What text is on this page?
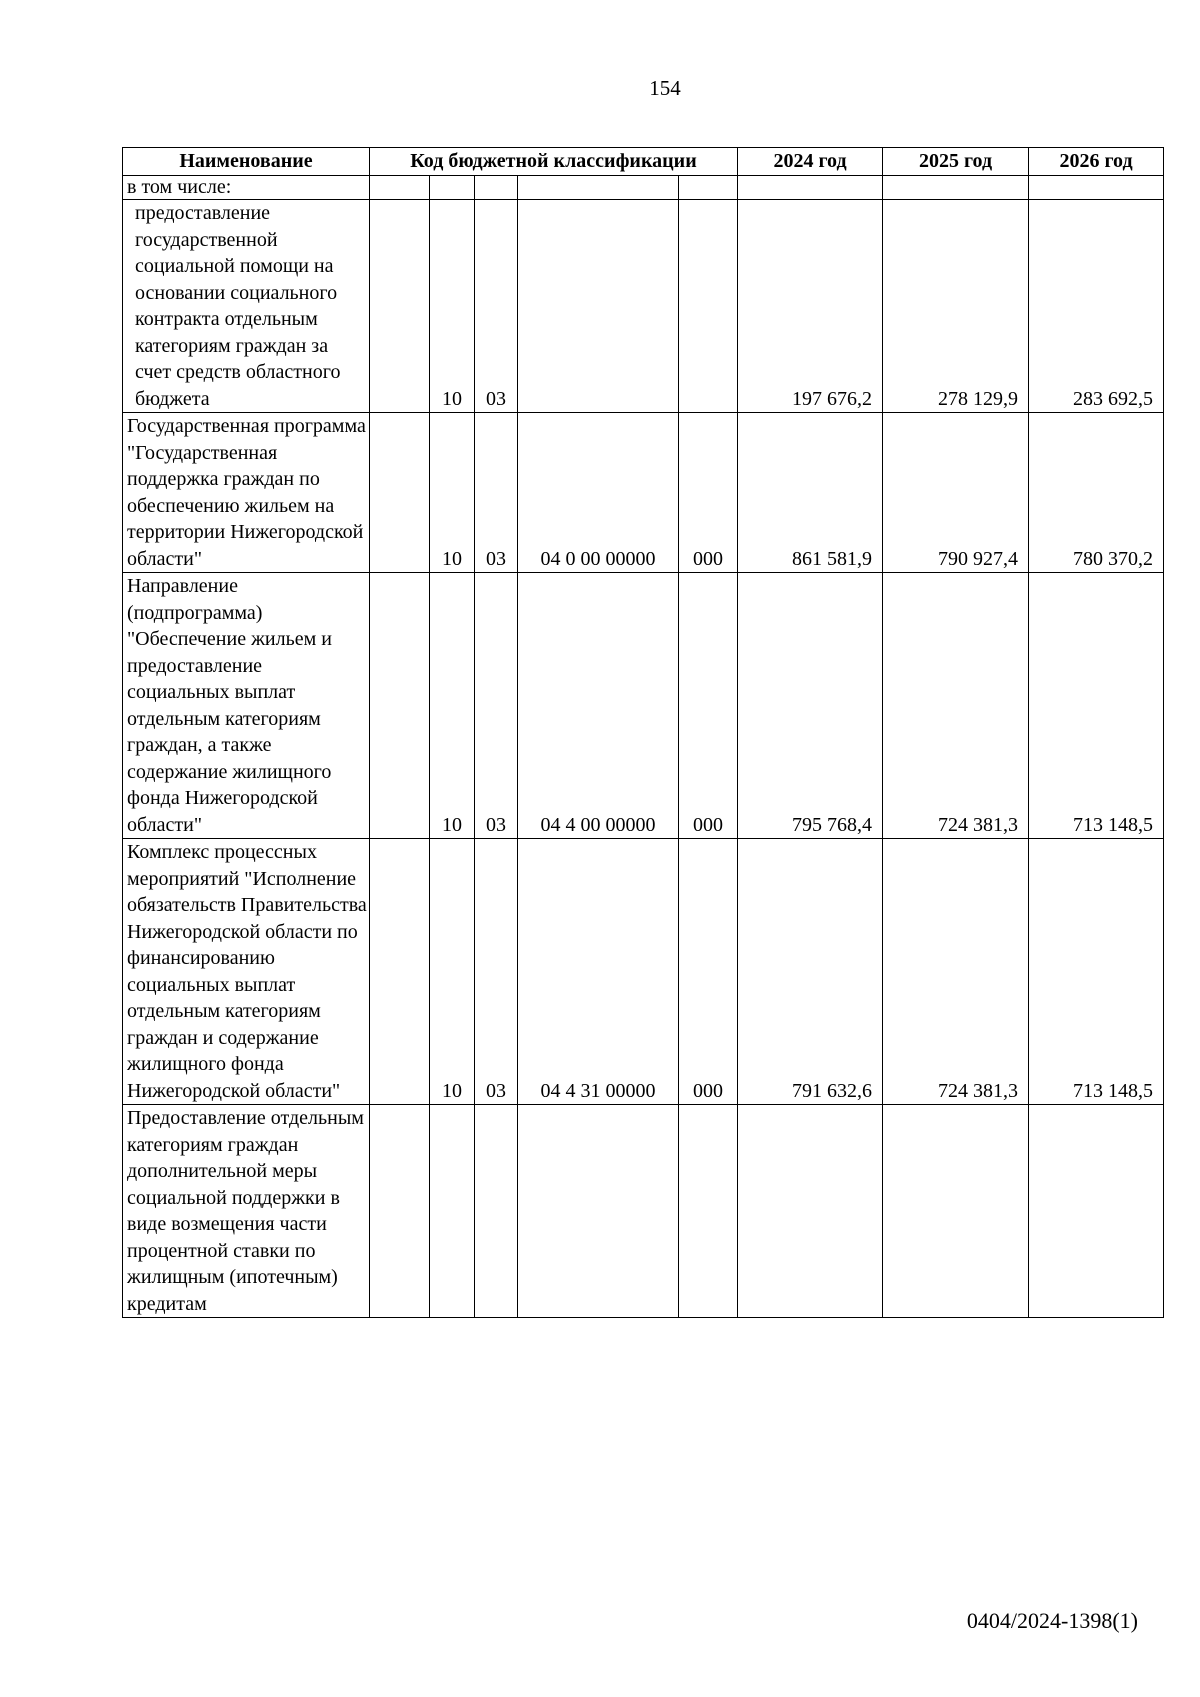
154
Наименование	Код бюджетной классификации					2024 год	2025 год	2026 год
в том числе:								
предоставление государственной социальной помощи на основании социального контракта отдельным категориям граждан за счет средств областного бюджета		10	03			197 676,2	278 129,9	283 692,5
Государственная программа "Государственная поддержка граждан по обеспечению жильем на территории Нижегородской области"		10	03	04 0 00 00000	000	861 581,9	790 927,4	780 370,2
Направление (подпрограмма) "Обеспечение жильем и предоставление социальных выплат отдельным категориям граждан, а также содержание жилищного фонда Нижегородской области"		10	03	04 4 00 00000	000	795 768,4	724 381,3	713 148,5
Комплекс процессных мероприятий "Исполнение обязательств Правительства Нижегородской области по финансированию социальных выплат отдельным категориям граждан и содержание жилищного фонда Нижегородской области"		10	03	04 4 31 00000	000	791 632,6	724 381,3	713 148,5
Предоставление отдельным категориям граждан дополнительной меры социальной поддержки в виде возмещения части процентной ставки по жилищным (ипотечным) кредитам								
0404/2024-1398(1)
